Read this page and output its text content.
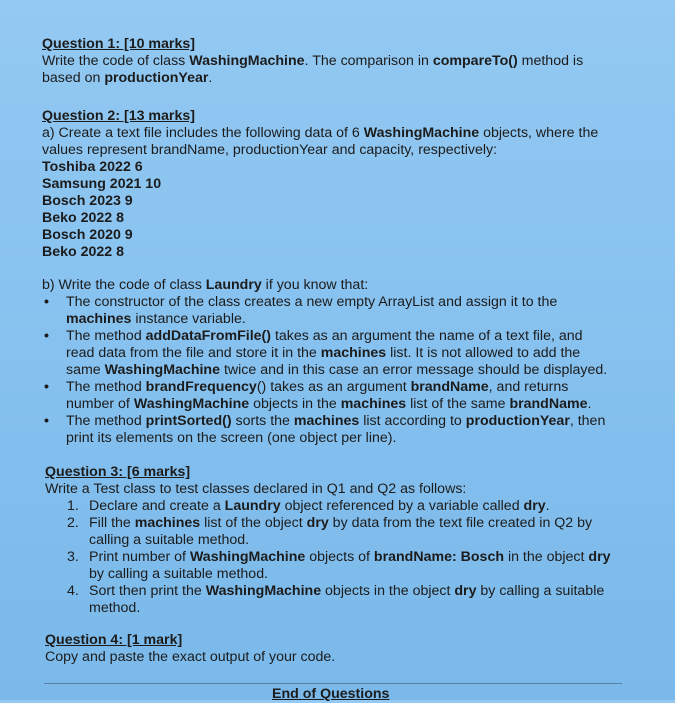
Question 1: [10 marks]
Write the code of class WashingMachine. The comparison in compareTo() method is
based on productionYear.
Question 2: [13 marks]
a) Create a text file includes the following data of 6 WashingMachine objects, where the
values represent brandName, productionYear and capacity, respectively:
Toshiba 2022 6
Samsung 2021 10
Bosch 2023 9
Beko 2022 8
Bosch 2020 9
Beko 2022 8
b) Write the code of class Laundry if you know that:
• The constructor of the class creates a new empty ArrayList and assign it to the
machines instance variable.
• The method addDataFromFile() takes as an argument the name of a text file, and
read data from the file and store it in the machines list. It is not allowed to add the
same WashingMachine twice and in this case an error message should be displayed.
• The method brandFrequency() takes as an argument brandName, and returns
number of WashingMachine objects in the machines list of the same brandName.
• The method printSorted() sorts the machines list according to productionYear, then
print its elements on the screen (one object per line).
Question 3: [6 marks]
Write a Test class to test classes declared in Q1 and Q2 as follows:
1. Declare and create a Laundry object referenced by a variable called dry.
2. Fill the machines list of the object dry by data from the text file created in Q2 by
calling a suitable method.
3. Print number of WashingMachine objects of brandName: Bosch in the object dry
by calling a suitable method.
4. Sort then print the WashingMachine objects in the object dry by calling a suitable
method.
Question 4: [1 mark]
Copy and paste the exact output of your code.
End of Questions
